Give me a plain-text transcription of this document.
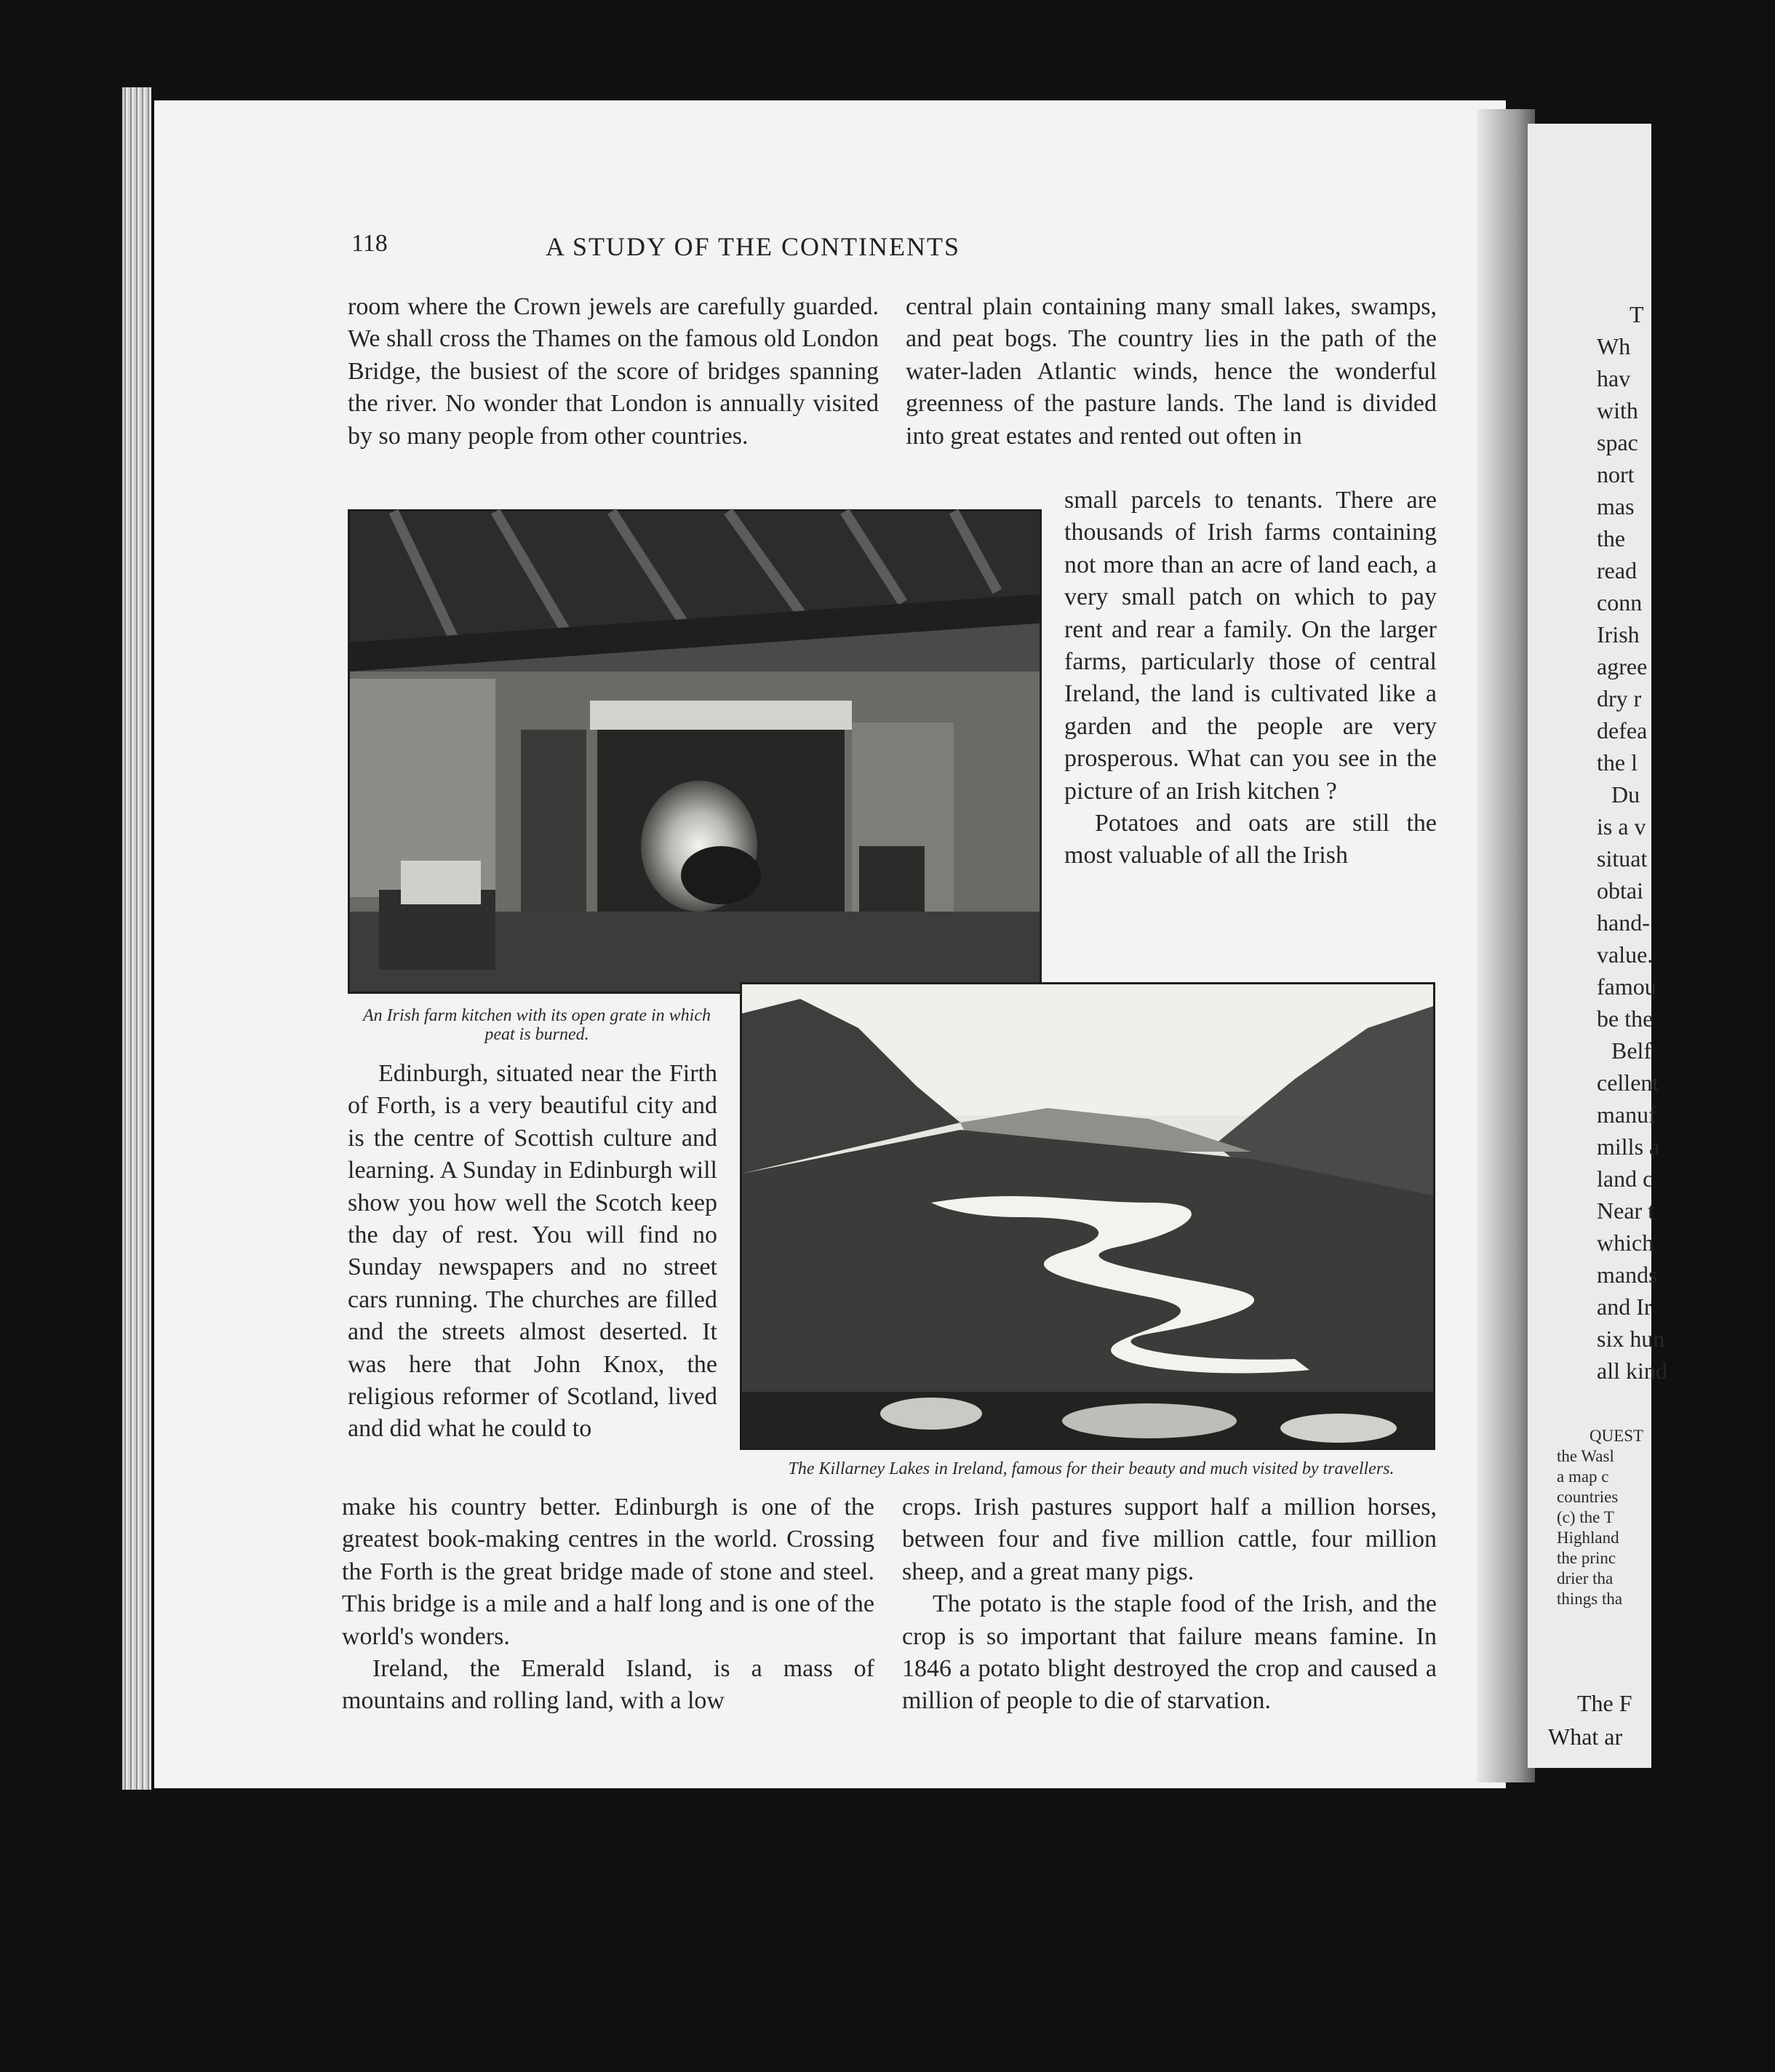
118	A STUDY OF THE CONTINENTS

room where the Crown jewels are carefully guarded. We shall cross the Thames on the famous old London Bridge, the busiest of the score of bridges spanning the river. No wonder that London is annually visited by so many people from other countries.

central plain containing many small lakes, swamps, and peat bogs. The country lies in the path of the water-laden Atlantic winds, hence the wonderful greenness of the pasture lands. The land is divided into great estates and rented out often in

small parcels to tenants. There are thousands of Irish farms containing not more than an acre of land each, a very small patch on which to pay rent and rear a family. On the larger farms, particularly those of central Ireland, the land is cultivated like a garden and the people are very prosperous. What can you see in the picture of an Irish kitchen ?

Potatoes and oats are still the most valuable of all the Irish

An Irish farm kitchen with its open grate in which peat is burned.

Edinburgh, situated near the Firth of Forth, is a very beautiful city and is the centre of Scottish culture and learning. A Sunday in Edinburgh will show you how well the Scotch keep the day of rest. You will find no Sunday newspapers and no street cars running. The churches are filled and the streets almost deserted. It was here that John Knox, the religious reformer of Scotland, lived and did what he could to

The Killarney Lakes in Ireland, famous for their beauty and much visited by travellers.

make his country better. Edinburgh is one of the greatest book-making centres in the world. Crossing the Forth is the great bridge made of stone and steel. This bridge is a mile and a half long and is one of the world's wonders.

Ireland, the Emerald Island, is a mass of mountains and rolling land, with a low

crops. Irish pastures support half a million horses, between four and five million cattle, four million sheep, and a great many pigs.

The potato is the staple food of the Irish, and the crop is so important that failure means famine. In 1846 a potato blight destroyed the crop and caused a million of people to die of starvation.

T
Wh
hav
with
spac
nort
mas
the
read
conn
Irish
agree
dry r
defea
the l
Du
is a v
situat
obtai
hand-
value.
famou
be the
Belf
cellent
manuf
mills a
land c
Near t
which
mands
and Ir
six hun
all kind
QUEST
the Wasl
a map c
countries
(c) the T
Highland
the princ
drier tha
things tha
The F
What ar
